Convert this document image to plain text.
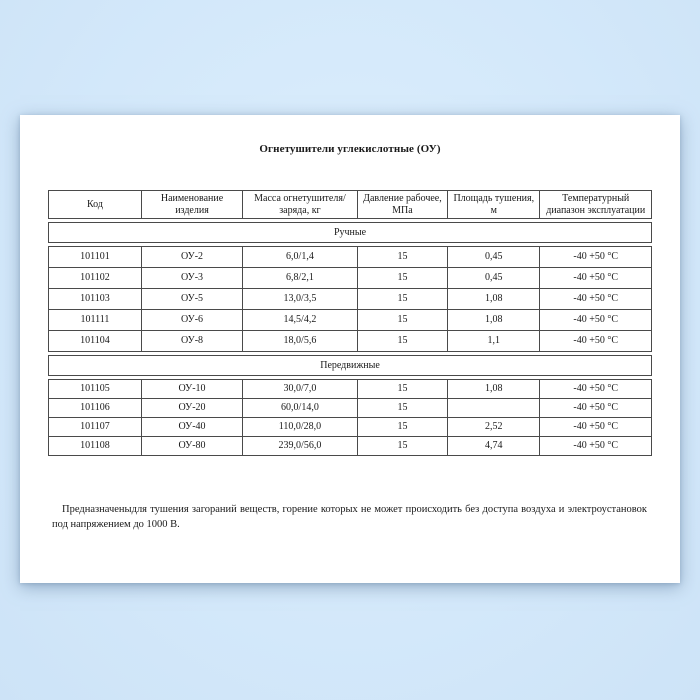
Огнетушители углекислотные (ОУ)
Код	Наименование изделия	Масса огнетушителя/ заряда, кг	Давление рабочее, МПа	Площадь тушения, м	Температурный диапазон эксплуатации
Ручные
101101	ОУ-2	6,0/1,4	15	0,45	-40 +50 °C
101102	ОУ-3	6,8/2,1	15	0,45	-40 +50 °C
101103	ОУ-5	13,0/3,5	15	1,08	-40 +50 °C
101111	ОУ-6	14,5/4,2	15	1,08	-40 +50 °C
101104	ОУ-8	18,0/5,6	15	1,1	-40 +50 °C
Передвижные
101105	ОУ-10	30,0/7,0	15	1,08	-40 +50 °C
101106	ОУ-20	60,0/14,0	15		-40 +50 °C
101107	ОУ-40	110,0/28,0	15	2,52	-40 +50 °C
101108	ОУ-80	239,0/56,0	15	4,74	-40 +50 °C

Предназначеныдля тушения загораний веществ, горение которых не может происходить без доступа воздуха и электроустановок под напряжением до 1000 В.
